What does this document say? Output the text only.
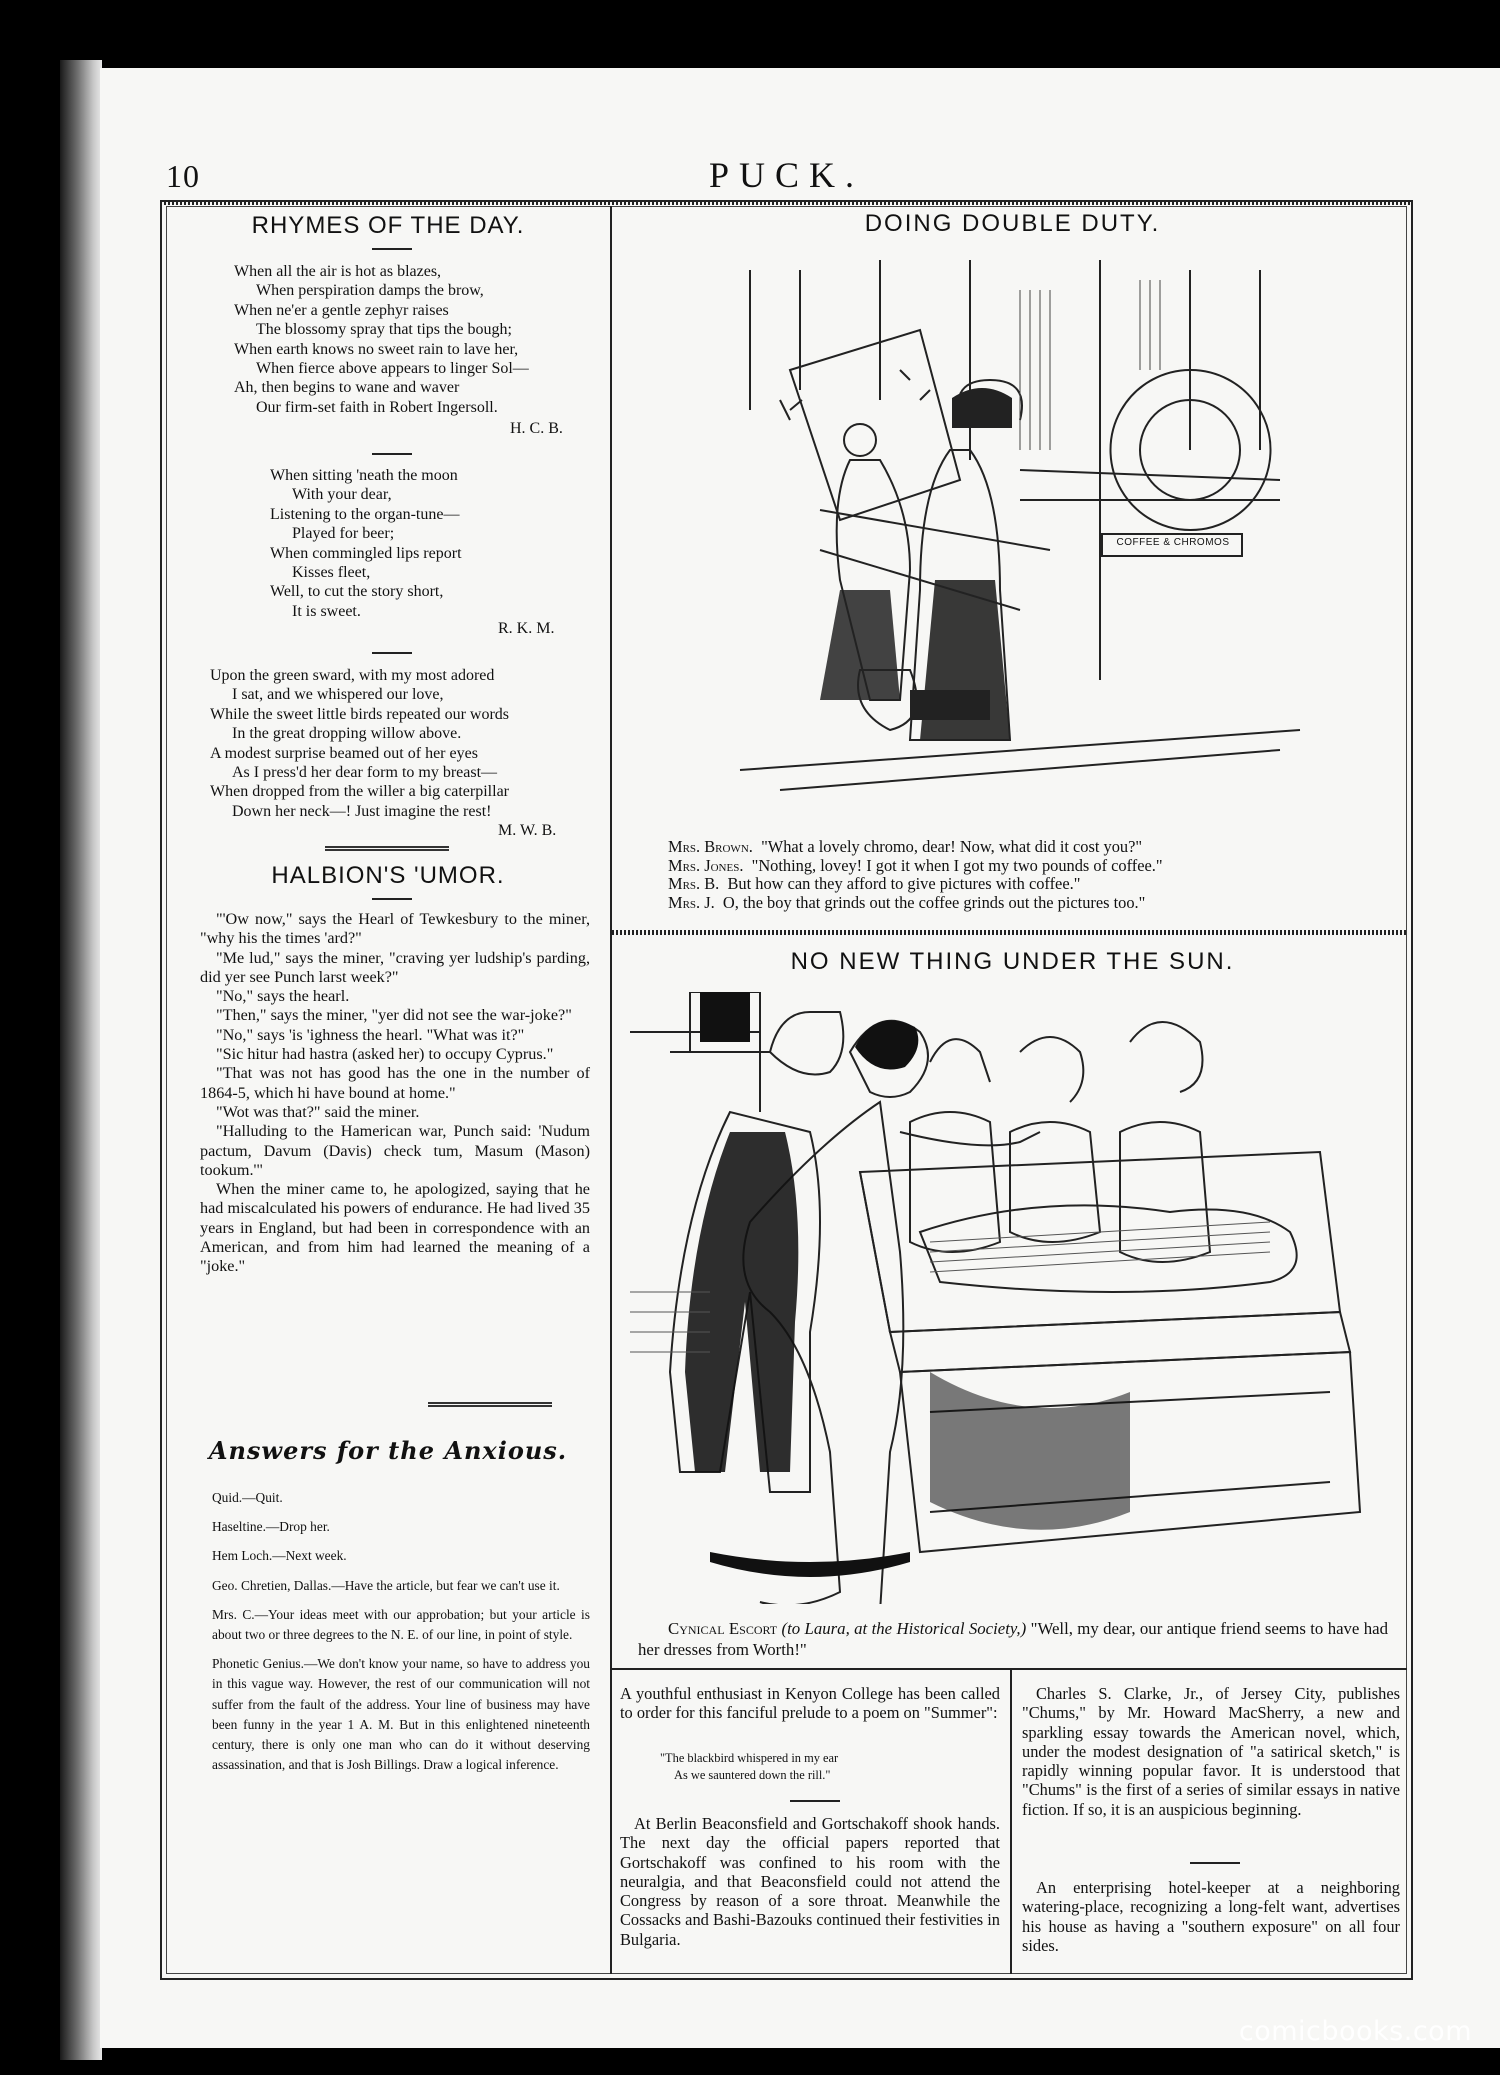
10	PUCK.
RHYMES OF THE DAY.
When all the air is hot as blazes,
When perspiration damps the brow,
When ne'er a gentle zephyr raises
The blossomy spray that tips the bough;
When earth knows no sweet rain to lave her,
When fierce above appears to linger Sol—
Ah, then begins to wane and waver
Our firm-set faith in Robert Ingersoll.
H. C. B.
When sitting 'neath the moon
With your dear,
Listening to the organ-tune—
Played for beer;
When commingled lips report
Kisses fleet,
Well, to cut the story short,
It is sweet.
R. K. M.
Upon the green sward, with my most adored
I sat, and we whispered our love,
While the sweet little birds repeated our words
In the great dropping willow above.
A modest surprise beamed out of her eyes
As I press'd her dear form to my breast—
When dropped from the willer a big caterpillar
Down her neck—! Just imagine the rest!
M. W. B.
HALBION'S 'UMOR.

"'Ow now," says the Hearl of Tewkesbury to the miner, "why his the times 'ard?"

"Me lud," says the miner, "craving yer ludship's parding, did yer see Punch larst week?"

"No," says the hearl.

"Then," says the miner, "yer did not see the war-joke?"

"No," says 'is 'ighness the hearl. "What was it?"

"Sic hitur had hastra (asked her) to occupy Cyprus."

"That was not has good has the one in the number of 1864-5, which hi have bound at home."

"Wot was that?" said the miner.

"Halluding to the Hamerican war, Punch said: 'Nudum pactum, Davum (Davis) check tum, Masum (Mason) tookum.'"

When the miner came to, he apologized, saying that he had miscalculated his powers of endurance. He had lived 35 years in England, but had been in correspondence with an American, and from him had learned the meaning of a "joke."

Answers for the Anxious.

Quid.—Quit.

Haseltine.—Drop her.

Hem Loch.—Next week.

Geo. Chretien, Dallas.—Have the article, but fear we can't use it.

Mrs. C.—Your ideas meet with our approbation; but your article is about two or three degrees to the N. E. of our line, in point of style.

Phonetic Genius.—We don't know your name, so have to address you in this vague way. However, the rest of our communication will not suffer from the fault of the address. Your line of business may have been funny in the year 1 A. M. But in this enlightened nineteenth century, there is only one man who can do it without deserving assassination, and that is Josh Billings. Draw a logical inference.

DOING DOUBLE DUTY.
COFFEE & CHROMOS
Mrs. Brown. "What a lovely chromo, dear! Now, what did it cost you?"
Mrs. Jones. "Nothing, lovey! I got it when I got my two pounds of coffee."
Mrs. B. But how can they afford to give pictures with coffee."
Mrs. J. O, the boy that grinds out the coffee grinds out the pictures too."
NO NEW THING UNDER THE SUN.
Cynical Escort (to Laura, at the Historical Society,) "Well, my dear, our antique friend seems to have had her dresses from Worth!"
A youthful enthusiast in Kenyon College has been called to order for this fanciful prelude to a poem on "Summer":
"The blackbird whispered in my ear
As we sauntered down the rill."
At Berlin Beaconsfield and Gortschakoff shook hands. The next day the official papers reported that Gortschakoff was confined to his room with the neuralgia, and that Beaconsfield could not attend the Congress by reason of a sore throat. Meanwhile the Cossacks and Bashi-Bazouks continued their festivities in Bulgaria.
Charles S. Clarke, Jr., of Jersey City, publishes "Chums," by Mr. Howard MacSherry, a new and sparkling essay towards the American novel, which, under the modest designation of "a satirical sketch," is rapidly winning popular favor. It is understood that "Chums" is the first of a series of similar essays in native fiction. If so, it is an auspicious beginning.
An enterprising hotel-keeper at a neighboring watering-place, recognizing a long-felt want, advertises his house as having a "southern exposure" on all four sides.
comicbooks.com
